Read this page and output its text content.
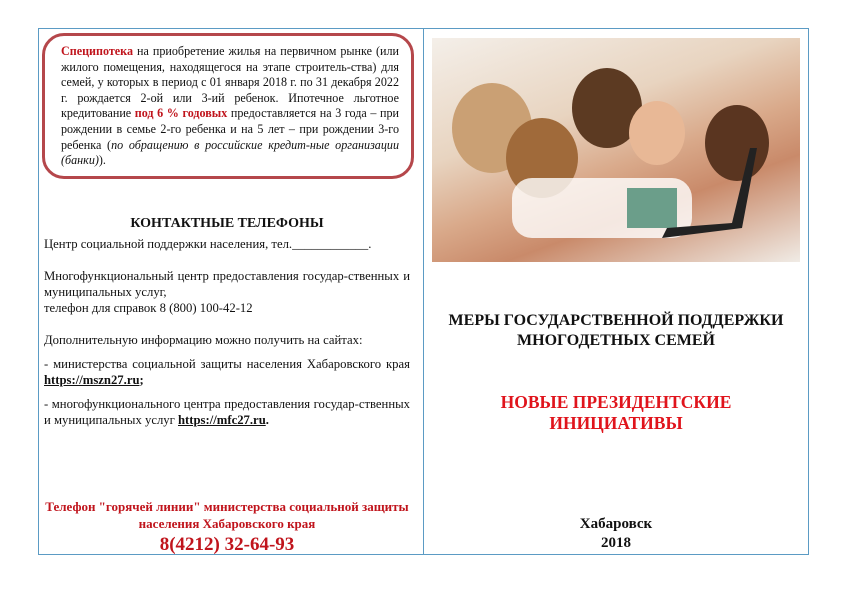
Специпотека на приобретение жилья на первичном рынке (или жилого помещения, находящегося на этапе строитель-ства) для семей, у которых в период с 01 января 2018 г. по 31 декабря 2022 г. рождается 2-ой или 3-ий ребенок. Ипотечное льготное кредитование под 6 % годовых предоставляется на 3 года – при рождении в семье 2-го ребенка и на 5 лет – при рождении 3-го ребенка (по обращению в российские кредит-ные организации (банки)).
КОНТАКТНЫЕ ТЕЛЕФОНЫ

Центр социальной поддержки населения, тел.____________.

Многофункциональный центр предоставления государ-ственных и муниципальных услуг,

телефон для справок 8 (800) 100-42-12

Дополнительную информацию можно получить на сайтах:

- министерства социальной защиты населения Хабаровского края https://mszn27.ru;

- многофункционального центра предоставления государ-ственных и муниципальных услуг https://mfc27.ru.

Телефон "горячей линии" министерства социальной защиты населения Хабаровского края
8(4212) 32-64-93
МЕРЫ ГОСУДАРСТВЕННОЙ ПОДДЕРЖКИ МНОГОДЕТНЫХ СЕМЕЙ
НОВЫЕ ПРЕЗИДЕНТСКИЕ ИНИЦИАТИВЫ
Хабаровск
2018
